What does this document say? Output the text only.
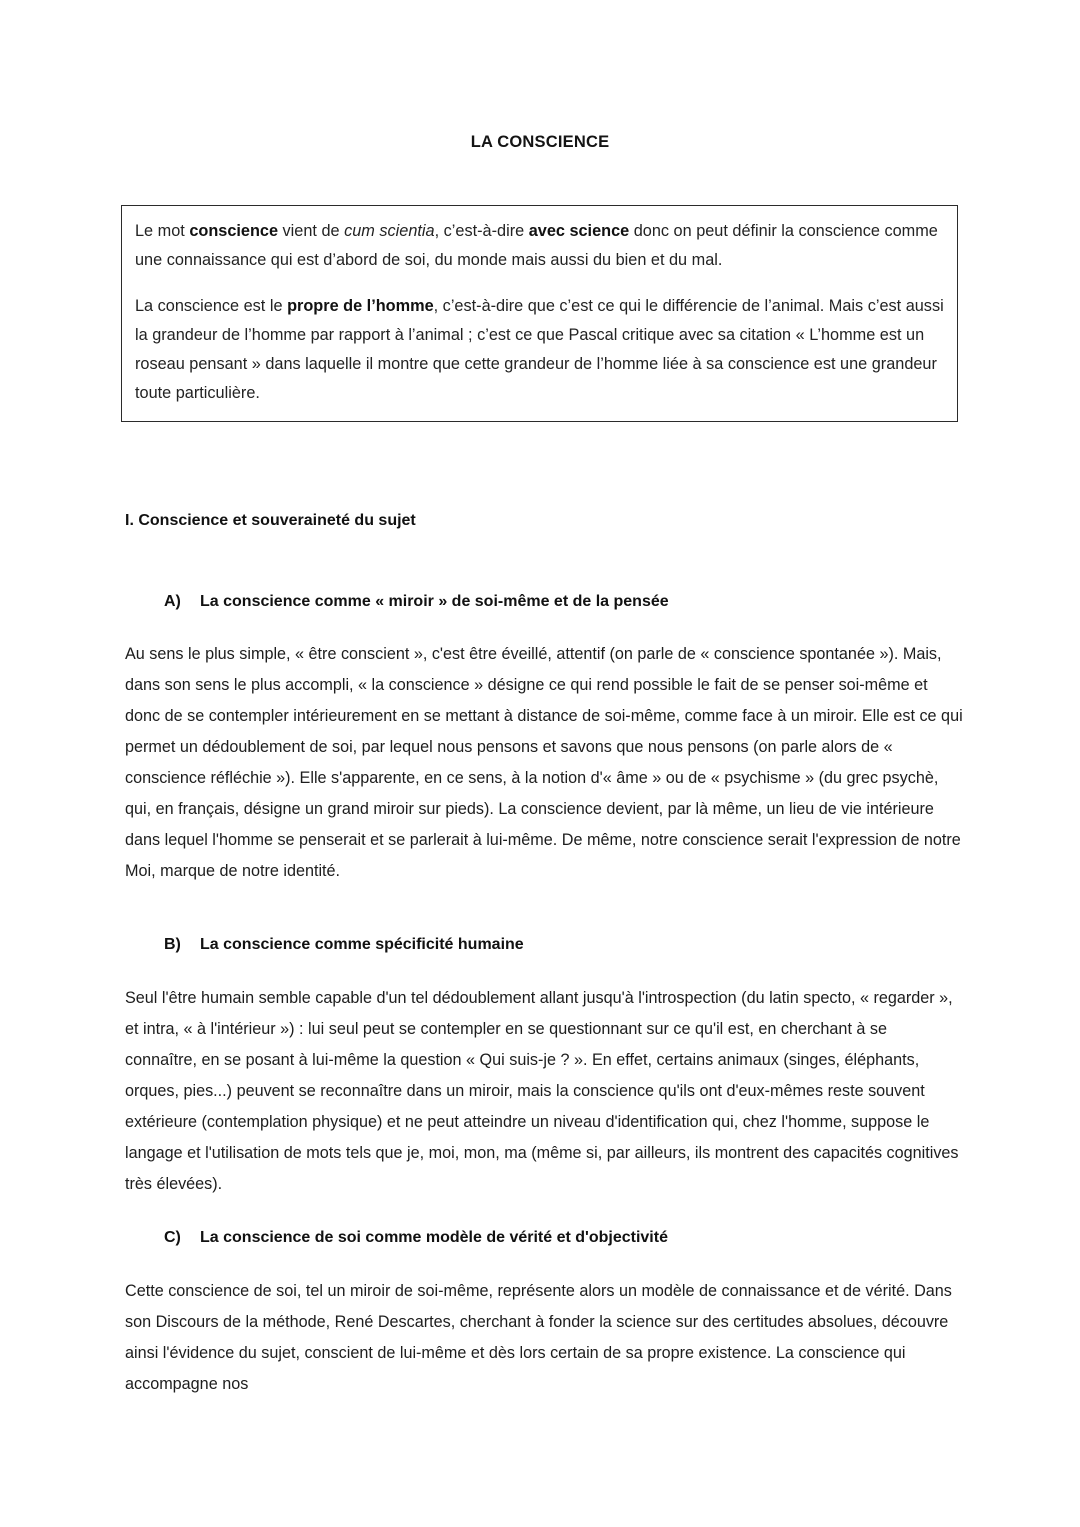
LA CONSCIENCE

Le mot conscience vient de cum scientia, c’est-à-dire avec science donc on peut définir la conscience comme une connaissance qui est d’abord de soi, du monde mais aussi du bien et du mal.

La conscience est le propre de l’homme, c’est-à-dire que c’est ce qui le différencie de l’animal. Mais c’est aussi la grandeur de l’homme par rapport à l’animal ; c’est ce que Pascal critique avec sa citation « L’homme est un roseau pensant » dans laquelle il montre que cette grandeur de l’homme liée à sa conscience est une grandeur toute particulière.

I. Conscience et souveraineté du sujet
A) La conscience comme « miroir » de soi-même et de la pensée

Au sens le plus simple, « être conscient », c'est être éveillé, attentif (on parle de « conscience spontanée »). Mais, dans son sens le plus accompli, « la conscience » désigne ce qui rend possible le fait de se penser soi-même et donc de se contempler intérieurement en se mettant à distance de soi-même, comme face à un miroir. Elle est ce qui permet un dédoublement de soi, par lequel nous pensons et savons que nous pensons (on parle alors de « conscience réfléchie »). Elle s'apparente, en ce sens, à la notion d'« âme » ou de « psychisme » (du grec psychè, qui, en français, désigne un grand miroir sur pieds). La conscience devient, par là même, un lieu de vie intérieure dans lequel l'homme se penserait et se parlerait à lui-même. De même, notre conscience serait l'expression de notre Moi, marque de notre identité.

B) La conscience comme spécificité humaine

Seul l'être humain semble capable d'un tel dédoublement allant jusqu'à l'introspection (du latin specto, « regarder », et intra, « à l'intérieur ») : lui seul peut se contempler en se questionnant sur ce qu'il est, en cherchant à se connaître, en se posant à lui-même la question « Qui suis-je ? ». En effet, certains animaux (singes, éléphants, orques, pies...) peuvent se reconnaître dans un miroir, mais la conscience qu'ils ont d'eux-mêmes reste souvent extérieure (contemplation physique) et ne peut atteindre un niveau d'identification qui, chez l'homme, suppose le langage et l'utilisation de mots tels que je, moi, mon, ma (même si, par ailleurs, ils montrent des capacités cognitives très élevées).

C) La conscience de soi comme modèle de vérité et d'objectivité

Cette conscience de soi, tel un miroir de soi-même, représente alors un modèle de connaissance et de vérité. Dans son Discours de la méthode, René Descartes, cherchant à fonder la science sur des certitudes absolues, découvre ainsi l'évidence du sujet, conscient de lui-même et dès lors certain de sa propre existence. La conscience qui accompagne nos
